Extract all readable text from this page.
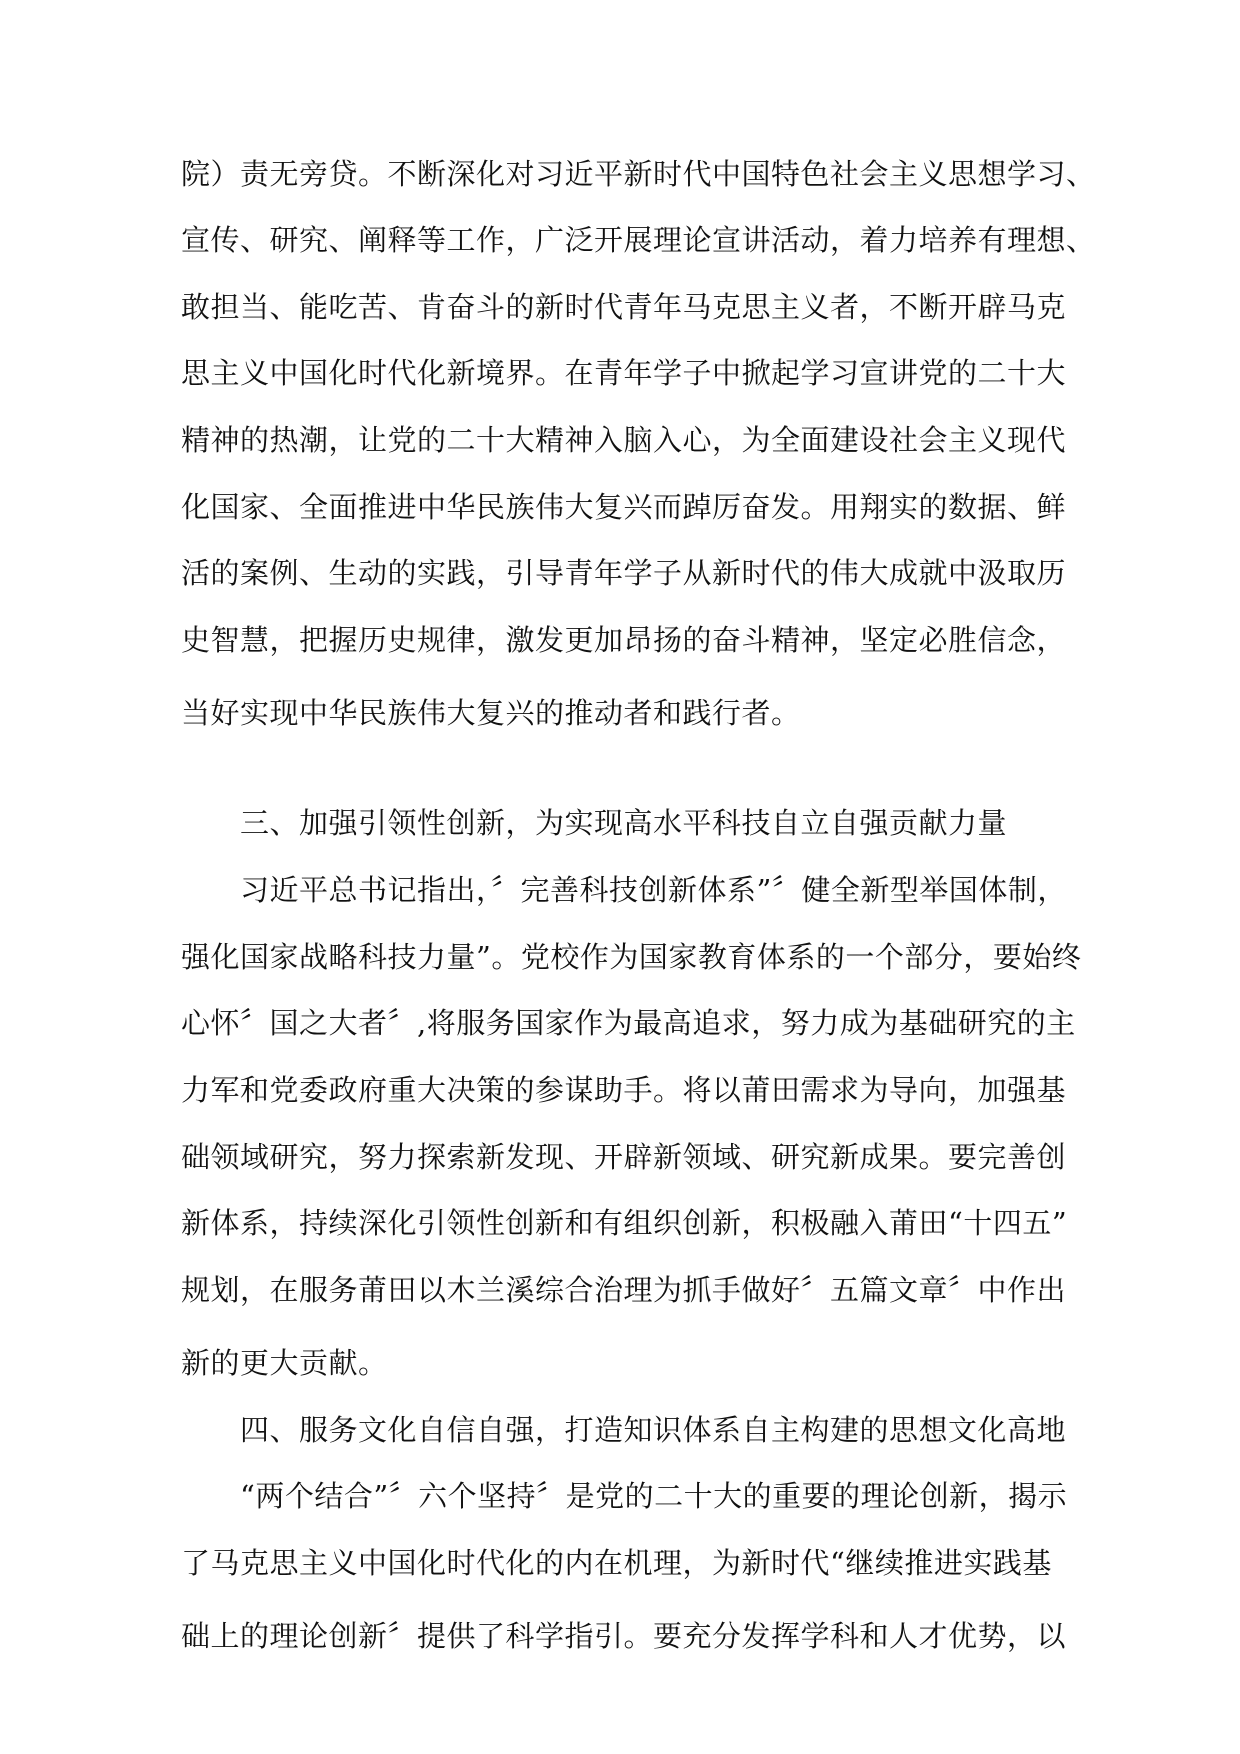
院）责无旁贷。不断深化对习近平新时代中国特色社会主义思想学习、

宣传、研究、阐释等工作，广泛开展理论宣讲活动，着力培养有理想、

敢担当、能吃苦、肯奋斗的新时代青年马克思主义者，不断开辟马克

思主义中国化时代化新境界。在青年学子中掀起学习宣讲党的二十大

精神的热潮，让党的二十大精神入脑入心，为全面建设社会主义现代

化国家、全面推进中华民族伟大复兴而踔厉奋发。用翔实的数据、鲜

活的案例、生动的实践，引导青年学子从新时代的伟大成就中汲取历

史智慧，把握历史规律，激发更加昂扬的奋斗精神，坚定必胜信念，

当好实现中华民族伟大复兴的推动者和践行者。

三、加强引领性创新，为实现高水平科技自立自强贡献力量

习近平总书记指出，〞完善科技创新体系”〞健全新型举国体制，

强化国家战略科技力量”。党校作为国家教育体系的一个部分，要始终

心怀〞国之大者〞,将服务国家作为最高追求，努力成为基础研究的主

力军和党委政府重大决策的参谋助手。将以莆田需求为导向，加强基

础领域研究，努力探索新发现、开辟新领域、研究新成果。要完善创

新体系，持续深化引领性创新和有组织创新，积极融入莆田“十四五”

规划，在服务莆田以木兰溪综合治理为抓手做好〞五篇文章〞中作出

新的更大贡献。

四、服务文化自信自强，打造知识体系自主构建的思想文化高地

“两个结合”〞六个坚持〞是党的二十大的重要的理论创新，揭示

了马克思主义中国化时代化的内在机理，为新时代“继续推进实践基

础上的理论创新〞提供了科学指引。要充分发挥学科和人才优势，以
